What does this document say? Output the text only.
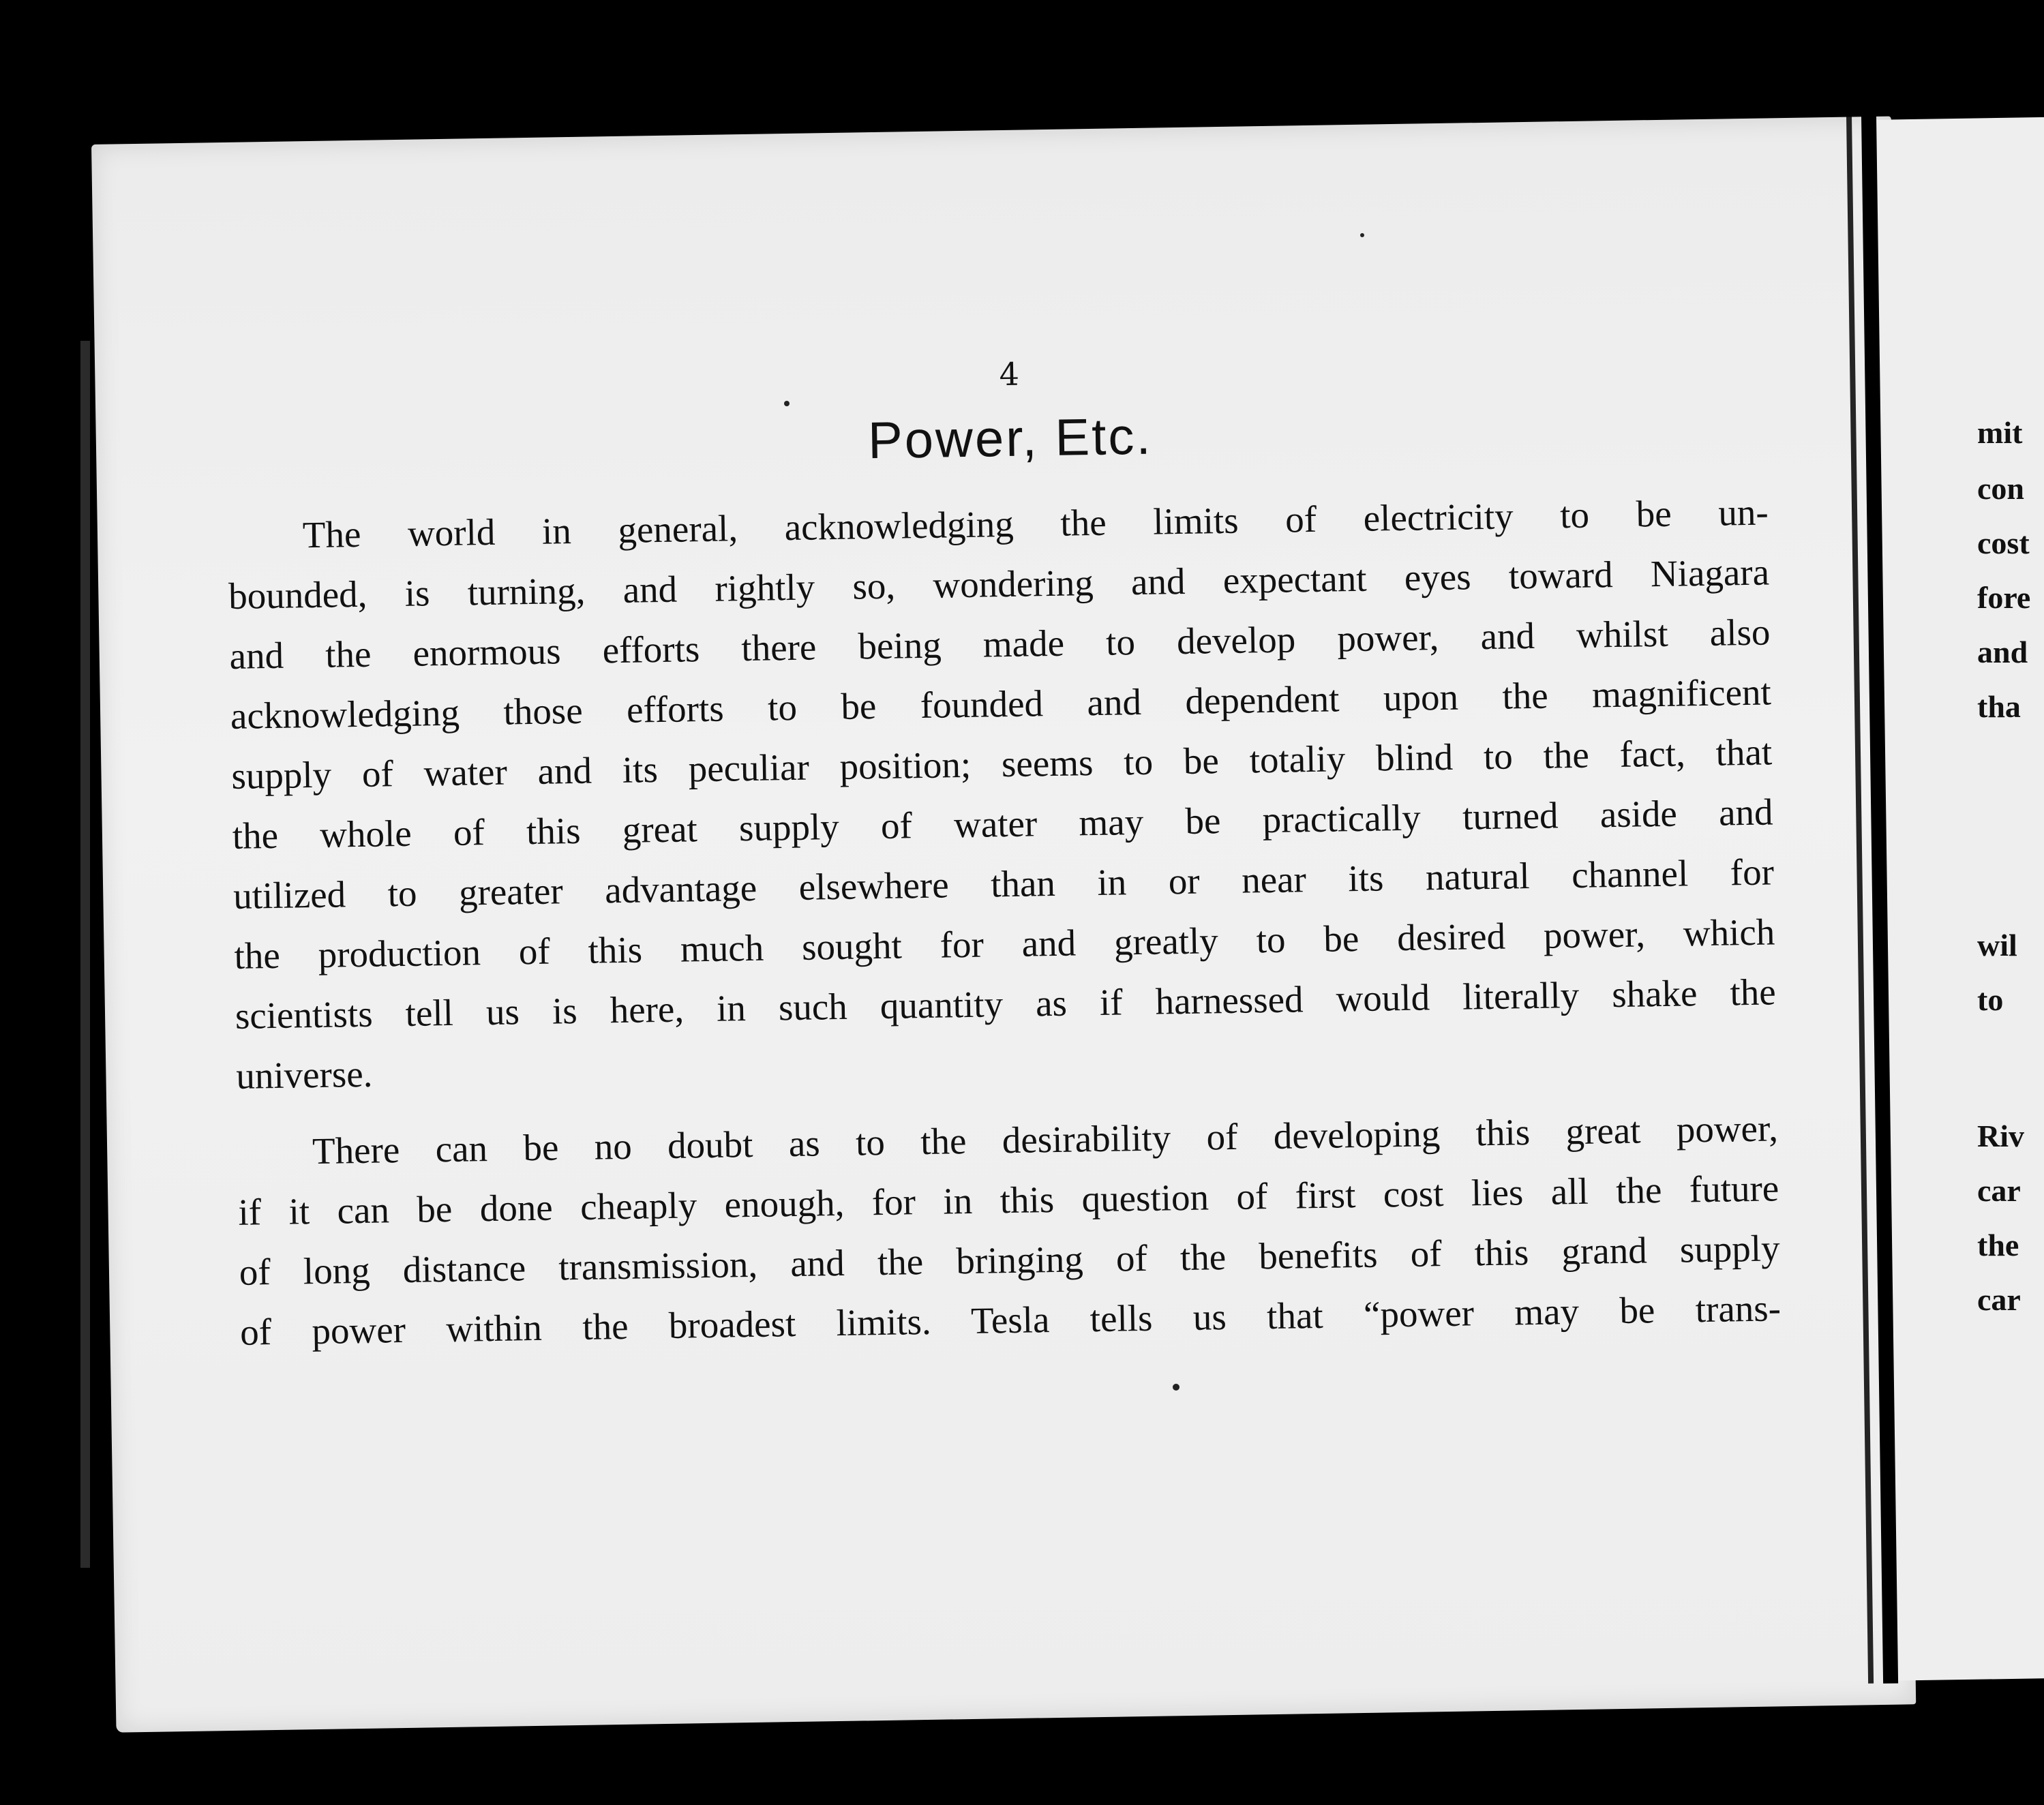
4
Power, Etc.
The world in general, acknowledging the limits of electricity to be un-
bounded, is turning, and rightly so, wondering and expectant eyes toward Niagara
and the enormous efforts there being made to develop power, and whilst also
acknowledging those efforts to be founded and dependent upon the magnificent
supply of water and its peculiar position; seems to be totaliy blind to the fact, that
the whole of this great supply of water may be practically turned aside and
utilized to greater advantage elsewhere than in or near its natural channel for
the production of this much sought for and greatly to be desired power, which
scientists tell us is here, in such quantity as if harnessed would literally shake the
universe.
There can be no doubt as to the desirability of developing this great power,
if it can be done cheaply enough, for in this question of first cost lies all the future
of long distance transmission, and the bringing of the benefits of this grand supply
of power within the broadest limits. Tesla tells us that “power may be trans-
mit
con
cost
fore
and
tha
wil
to
Riv
car
the
car
